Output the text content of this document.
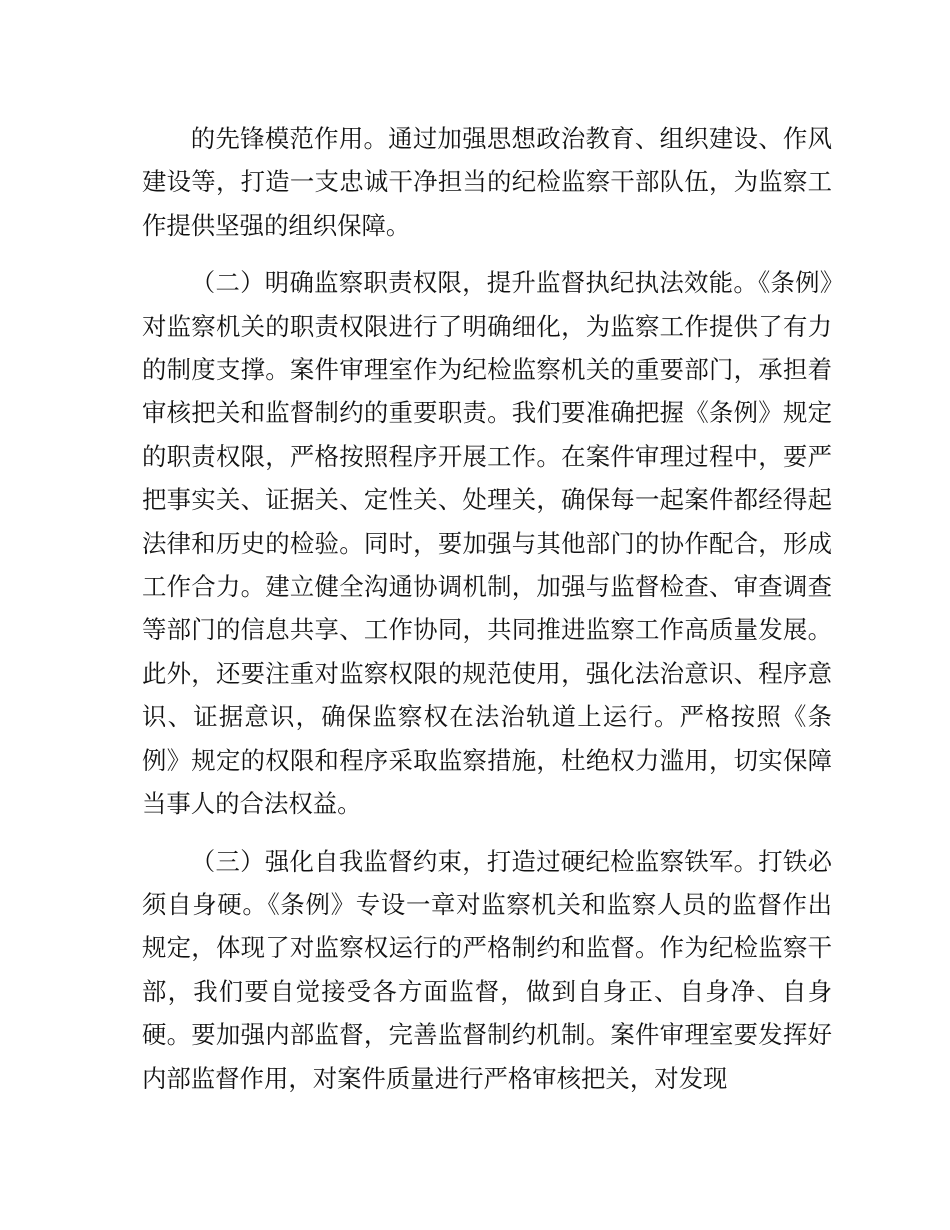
的先锋模范作用。通过加强思想政治教育、组织建设、作风建设等，打造一支忠诚干净担当的纪检监察干部队伍，为监察工作提供坚强的组织保障。

（二）明确监察职责权限，提升监督执纪执法效能。《条例》对监察机关的职责权限进行了明确细化，为监察工作提供了有力的制度支撑。案件审理室作为纪检监察机关的重要部门，承担着审核把关和监督制约的重要职责。我们要准确把握《条例》规定的职责权限，严格按照程序开展工作。在案件审理过程中，要严把事实关、证据关、定性关、处理关，确保每一起案件都经得起法律和历史的检验。同时，要加强与其他部门的协作配合，形成工作合力。建立健全沟通协调机制，加强与监督检查、审查调查等部门的信息共享、工作协同，共同推进监察工作高质量发展。此外，还要注重对监察权限的规范使用，强化法治意识、程序意识、证据意识，确保监察权在法治轨道上运行。严格按照《条例》规定的权限和程序采取监察措施，杜绝权力滥用，切实保障当事人的合法权益。

（三）强化自我监督约束，打造过硬纪检监察铁军。打铁必须自身硬。《条例》专设一章对监察机关和监察人员的监督作出规定，体现了对监察权运行的严格制约和监督。作为纪检监察干部，我们要自觉接受各方面监督，做到自身正、自身净、自身硬。要加强内部监督，完善监督制约机制。案件审理室要发挥好内部监督作用，对案件质量进行严格审核把关，对发现
